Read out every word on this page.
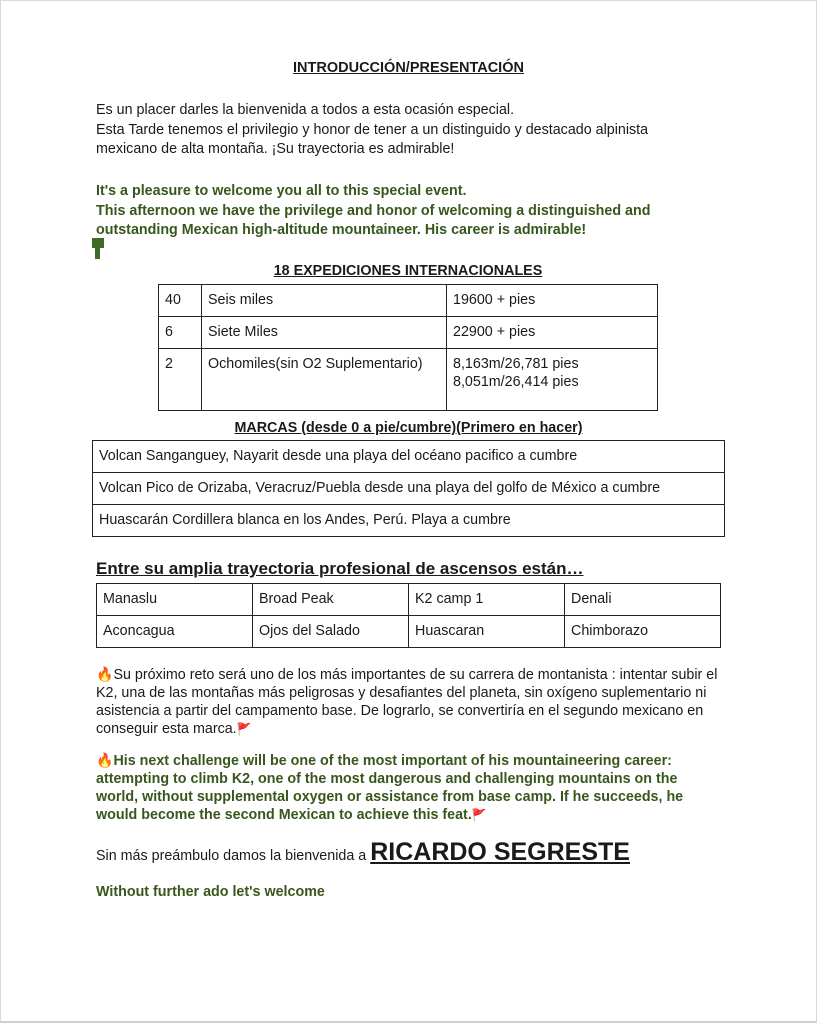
INTRODUCCIÓN/PRESENTACIÓN
Es un placer darles la bienvenida a todos a esta ocasión especial.
Esta Tarde tenemos el privilegio y honor de tener a un distinguido y destacado alpinista
mexicano de alta montaña. ¡Su trayectoria es admirable!
It's a pleasure to welcome you all to this special event.
This afternoon we have the privilege and honor of welcoming a distinguished and
outstanding Mexican high-altitude mountaineer. His career is admirable!
18 EXPEDICIONES INTERNACIONALES
40	Seis miles	19600 + pies
6	Siete Miles	22900 + pies
2	Ochomiles(sin O2 Suplementario)	8,163m/26,781 pies
8,051m/26,414 pies
MARCAS (desde 0 a pie/cumbre)(Primero en hacer)
Volcan Sanganguey, Nayarit desde una playa del océano pacifico a cumbre
Volcan Pico de Orizaba, Veracruz/Puebla desde una playa del golfo de México a cumbre
Huascarán Cordillera blanca en los Andes, Perú. Playa a cumbre
Entre su amplia trayectoria profesional de ascensos están…
Manaslu	Broad Peak	K2 camp 1	Denali
Aconcagua	Ojos del Salado	Huascaran	Chimborazo
🔥Su próximo reto será uno de los más importantes de su carrera de montanista : intentar subir el K2, una de las montañas más peligrosas y desafiantes del planeta, sin oxígeno suplementario ni asistencia a partir del campamento base. De lograrlo, se convertiría en el segundo mexicano en conseguir esta marca.🚩
🔥His next challenge will be one of the most important of his mountaineering career: attempting to climb K2, one of the most dangerous and challenging mountains on the world, without supplemental oxygen or assistance from base camp. If he succeeds, he would become the second Mexican to achieve this feat.🚩
Sin más preámbulo damos la bienvenida a RICARDO SEGRESTE
Without further ado let's welcome
